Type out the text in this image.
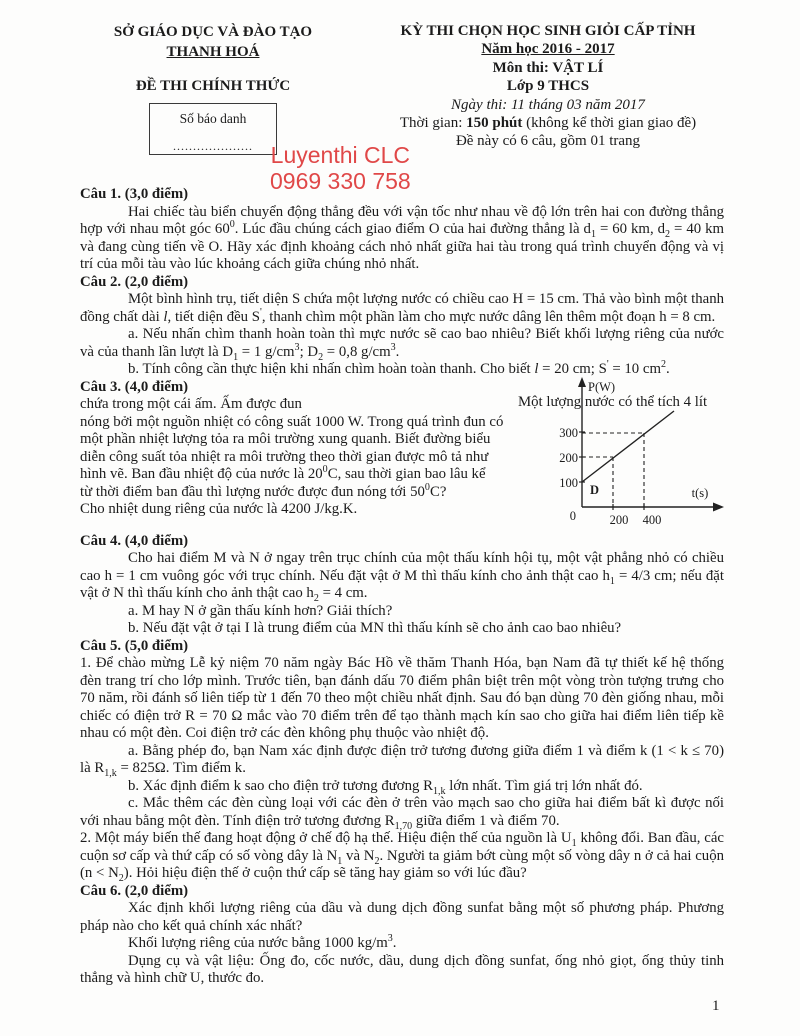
SỞ GIÁO DỤC VÀ ĐÀO TẠO
THANH HOÁ
ĐỀ THI CHÍNH THỨC
Số báo danh
....................
KỲ THI CHỌN HỌC SINH GIỎI CẤP TỈNH
Năm học 2016 - 2017
Môn thi: VẬT LÍ
Lớp 9 THCS
Ngày thi: 11 tháng 03 năm 2017
Thời gian: 150 phút (không kể thời gian giao đề)
Đề này có 6 câu, gồm 01 trang
Luyenthi CLC
0969 330 758
Câu 1. (3,0 điểm)
Hai chiếc tàu biển chuyển động thẳng đều với vận tốc như nhau về độ lớn trên hai con đường thẳng hợp với nhau một góc $60^0$. Lúc đầu chúng cách giao điểm O của hai đường thẳng là $d_1 = 60$ km, $d_2 = 40$ km và đang cùng tiến về O. Hãy xác định khoảng cách nhỏ nhất giữa hai tàu trong quá trình chuyển động và vị trí của mỗi tàu vào lúc khoảng cách giữa chúng nhỏ nhất.
Câu 2. (2,0 điểm)
Một bình hình trụ, tiết diện S chứa một lượng nước có chiều cao H = 15 cm. Thả vào bình một thanh đồng chất dài l, tiết diện đều S', thanh chìm một phần làm cho mực nước dâng lên thêm một đoạn h = 8 cm.
a. Nếu nhấn chìm thanh hoàn toàn thì mực nước sẽ cao bao nhiêu? Biết khối lượng riêng của nước và của thanh lần lượt là $D_1 = 1$ $g/cm^3$; $D_2 = 0,8$ $g/cm^3$.
b. Tính công cần thực hiện khi nhấn chìm hoàn toàn thanh. Cho biết l = 20 cm; S' = 10 $cm^2$.
Câu 3. (4,0 điểm)
Một lượng nước có thể tích 4 lít
chứa trong một cái ấm. Ấm được đun
nóng bởi một nguồn nhiệt có công suất 1000 W. Trong quá trình đun có
một phần nhiệt lượng tỏa ra môi trường xung quanh. Biết đường biểu
diễn công suất tỏa nhiệt ra môi trường theo thời gian được mô tả như
hình vẽ. Ban đầu nhiệt độ của nước là $20^0C$, sau thời gian bao lâu kể
từ thời điểm ban đầu thì lượng nước được đun nóng tới $50^0C$?
Cho nhiệt dung riêng của nước là 4200 J/kg.K.
P(W)
t(s)
300
200
100
0	200 400
D
Câu 4. (4,0 điểm)
Cho hai điểm M và N ở ngay trên trục chính của một thấu kính hội tụ, một vật phẳng nhỏ có chiều cao h = 1 cm vuông góc với trục chính. Nếu đặt vật ở M thì thấu kính cho ảnh thật cao $h_1 = 4/3$ cm; nếu đặt vật ở N thì thấu kính cho ảnh thật cao $h_2 = 4$ cm.
a. M hay N ở gần thấu kính hơn? Giải thích?
b. Nếu đặt vật ở tại I là trung điểm của MN thì thấu kính sẽ cho ảnh cao bao nhiêu?
Câu 5. (5,0 điểm)
1. Để chào mừng Lễ kỷ niệm 70 năm ngày Bác Hồ về thăm Thanh Hóa, bạn Nam đã tự thiết kế hệ thống đèn trang trí cho lớp mình. Trước tiên, bạn đánh dấu 70 điểm phân biệt trên một vòng tròn tượng trưng cho 70 năm, rồi đánh số liên tiếp từ 1 đến 70 theo một chiều nhất định. Sau đó bạn dùng 70 đèn giống nhau, mỗi chiếc có điện trở R = 70 Ω mắc vào 70 điểm trên để tạo thành mạch kín sao cho giữa hai điểm liên tiếp kề nhau có một đèn. Coi điện trở các đèn không phụ thuộc vào nhiệt độ.
a. Bằng phép đo, bạn Nam xác định được điện trở tương đương giữa điểm 1 và điểm k (1 < k ≤ 70) là $R_{1,k} = 825\Omega$. Tìm điểm k.
b. Xác định điểm k sao cho điện trở tương đương $R_{1,k}$ lớn nhất. Tìm giá trị lớn nhất đó.
c. Mắc thêm các đèn cùng loại với các đèn ở trên vào mạch sao cho giữa hai điểm bất kì được nối với nhau bằng một đèn. Tính điện trở tương đương $R_{1,70}$ giữa điểm 1 và điểm 70.
2. Một máy biến thế đang hoạt động ở chế độ hạ thế. Hiệu điện thế của nguồn là $U_1$ không đổi. Ban đầu, các cuộn sơ cấp và thứ cấp có số vòng dây là $N_1$ và $N_2$. Người ta giảm bớt cùng một số vòng dây n ở cả hai cuộn $(n < N_2)$. Hỏi hiệu điện thế ở cuộn thứ cấp sẽ tăng hay giảm so với lúc đầu?
Câu 6. (2,0 điểm)
Xác định khối lượng riêng của dầu và dung dịch đồng sunfat bằng một số phương pháp. Phương pháp nào cho kết quả chính xác nhất?
Khối lượng riêng của nước bằng 1000 $kg/m^3$.
Dụng cụ và vật liệu: Ống đo, cốc nước, dầu, dung dịch đồng sunfat, ống nhỏ giọt, ống thủy tinh thẳng và hình chữ U, thước đo.
1
